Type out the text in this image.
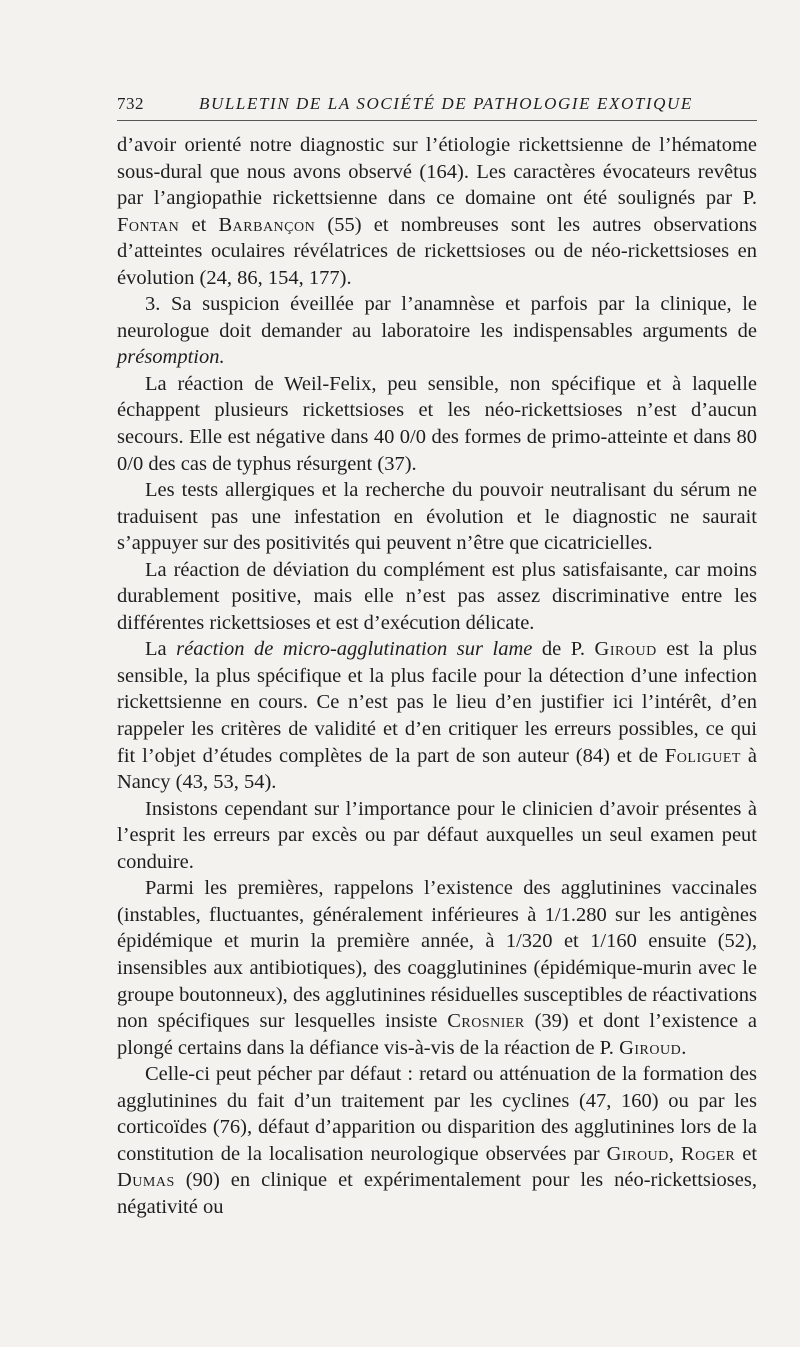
732	BULLETIN DE LA SOCIÉTÉ DE PATHOLOGIE EXOTIQUE

d’avoir orienté notre diagnostic sur l’étiologie rickettsienne de l’hématome sous-dural que nous avons observé (164). Les caractères évocateurs revêtus par l’angiopathie rickettsienne dans ce domaine ont été soulignés par P. Fontan et Barbançon (55) et nombreuses sont les autres observations d’atteintes oculaires révélatrices de rickettsioses ou de néo-rickettsioses en évolution (24, 86, 154, 177).

3. Sa suspicion éveillée par l’anamnèse et parfois par la clinique, le neurologue doit demander au laboratoire les indispensables arguments de présomption.

La réaction de Weil-Felix, peu sensible, non spécifique et à laquelle échappent plusieurs rickettsioses et les néo-rickettsioses n’est d’aucun secours. Elle est négative dans 40 0/0 des formes de primo-atteinte et dans 80 0/0 des cas de typhus résurgent (37).

Les tests allergiques et la recherche du pouvoir neutralisant du sérum ne traduisent pas une infestation en évolution et le diagnostic ne saurait s’appuyer sur des positivités qui peuvent n’être que cicatricielles.

La réaction de déviation du complément est plus satisfaisante, car moins durablement positive, mais elle n’est pas assez discriminative entre les différentes rickettsioses et est d’exécution délicate.

La réaction de micro-agglutination sur lame de P. Giroud est la plus sensible, la plus spécifique et la plus facile pour la détection d’une infection rickettsienne en cours. Ce n’est pas le lieu d’en justifier ici l’intérêt, d’en rappeler les critères de validité et d’en critiquer les erreurs possibles, ce qui fit l’objet d’études complètes de la part de son auteur (84) et de Foliguet à Nancy (43, 53, 54).

Insistons cependant sur l’importance pour le clinicien d’avoir présentes à l’esprit les erreurs par excès ou par défaut auxquelles un seul examen peut conduire.

Parmi les premières, rappelons l’existence des agglutinines vaccinales (instables, fluctuantes, généralement inférieures à 1/1.280 sur les antigènes épidémique et murin la première année, à 1/320 et 1/160 ensuite (52), insensibles aux antibiotiques), des coagglutinines (épidémique-murin avec le groupe boutonneux), des agglutinines résiduelles susceptibles de réactivations non spécifiques sur lesquelles insiste Crosnier (39) et dont l’existence a plongé certains dans la défiance vis-à-vis de la réaction de P. Giroud.

Celle-ci peut pécher par défaut : retard ou atténuation de la formation des agglutinines du fait d’un traitement par les cyclines (47, 160) ou par les corticoïdes (76), défaut d’apparition ou disparition des agglutinines lors de la constitution de la localisation neurologique observées par Giroud, Roger et Dumas (90) en clinique et expérimentalement pour les néo-rickettsioses, négativité ou
